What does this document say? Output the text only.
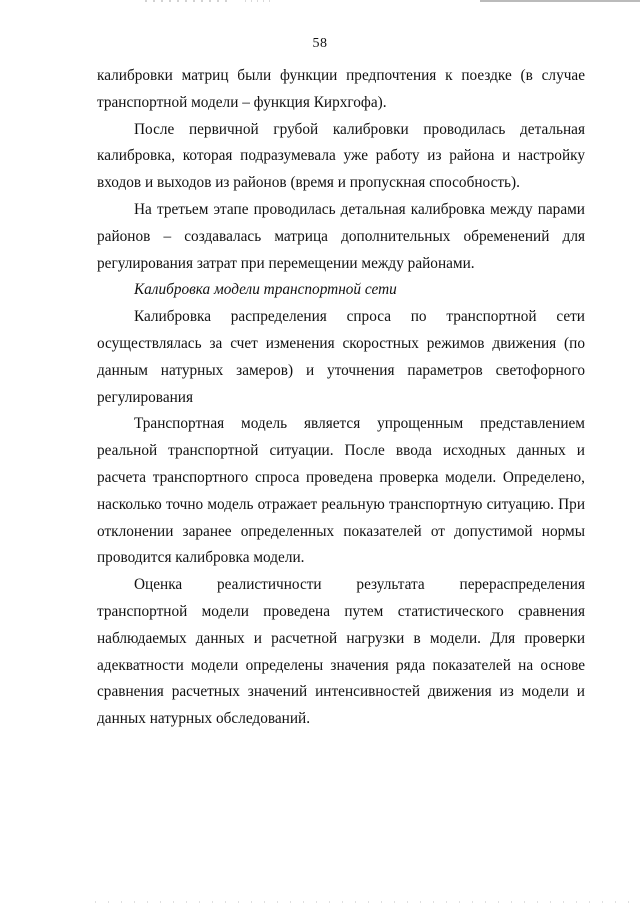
58

калибровки матриц были функции предпочтения к поездке (в случае транспортной модели – функция Кирхгофа).

После первичной грубой калибровки проводилась детальная калибровка, которая подразумевала уже работу из района и настройку входов и выходов из районов (время и пропускная способность).

На третьем этапе проводилась детальная калибровка между парами районов – создавалась матрица дополнительных обременений для регулирования затрат при перемещении между районами.

Калибровка модели транспортной сети

Калибровка распределения спроса по транспортной сети осуществлялась за счет изменения скоростных режимов движения (по данным натурных замеров) и уточнения параметров светофорного регулирования

Транспортная модель является упрощенным представлением реальной транспортной ситуации. После ввода исходных данных и расчета транспортного спроса проведена проверка модели. Определено, насколько точно модель отражает реальную транспортную ситуацию. При отклонении заранее определенных показателей от допустимой нормы проводится калибровка модели.

Оценка реалистичности результата перераспределения транспортной модели проведена путем статистического сравнения наблюдаемых данных и расчетной нагрузки в модели. Для проверки адекватности модели определены значения ряда показателей на основе сравнения расчетных значений интенсивностей движения из модели и данных натурных обследований.
